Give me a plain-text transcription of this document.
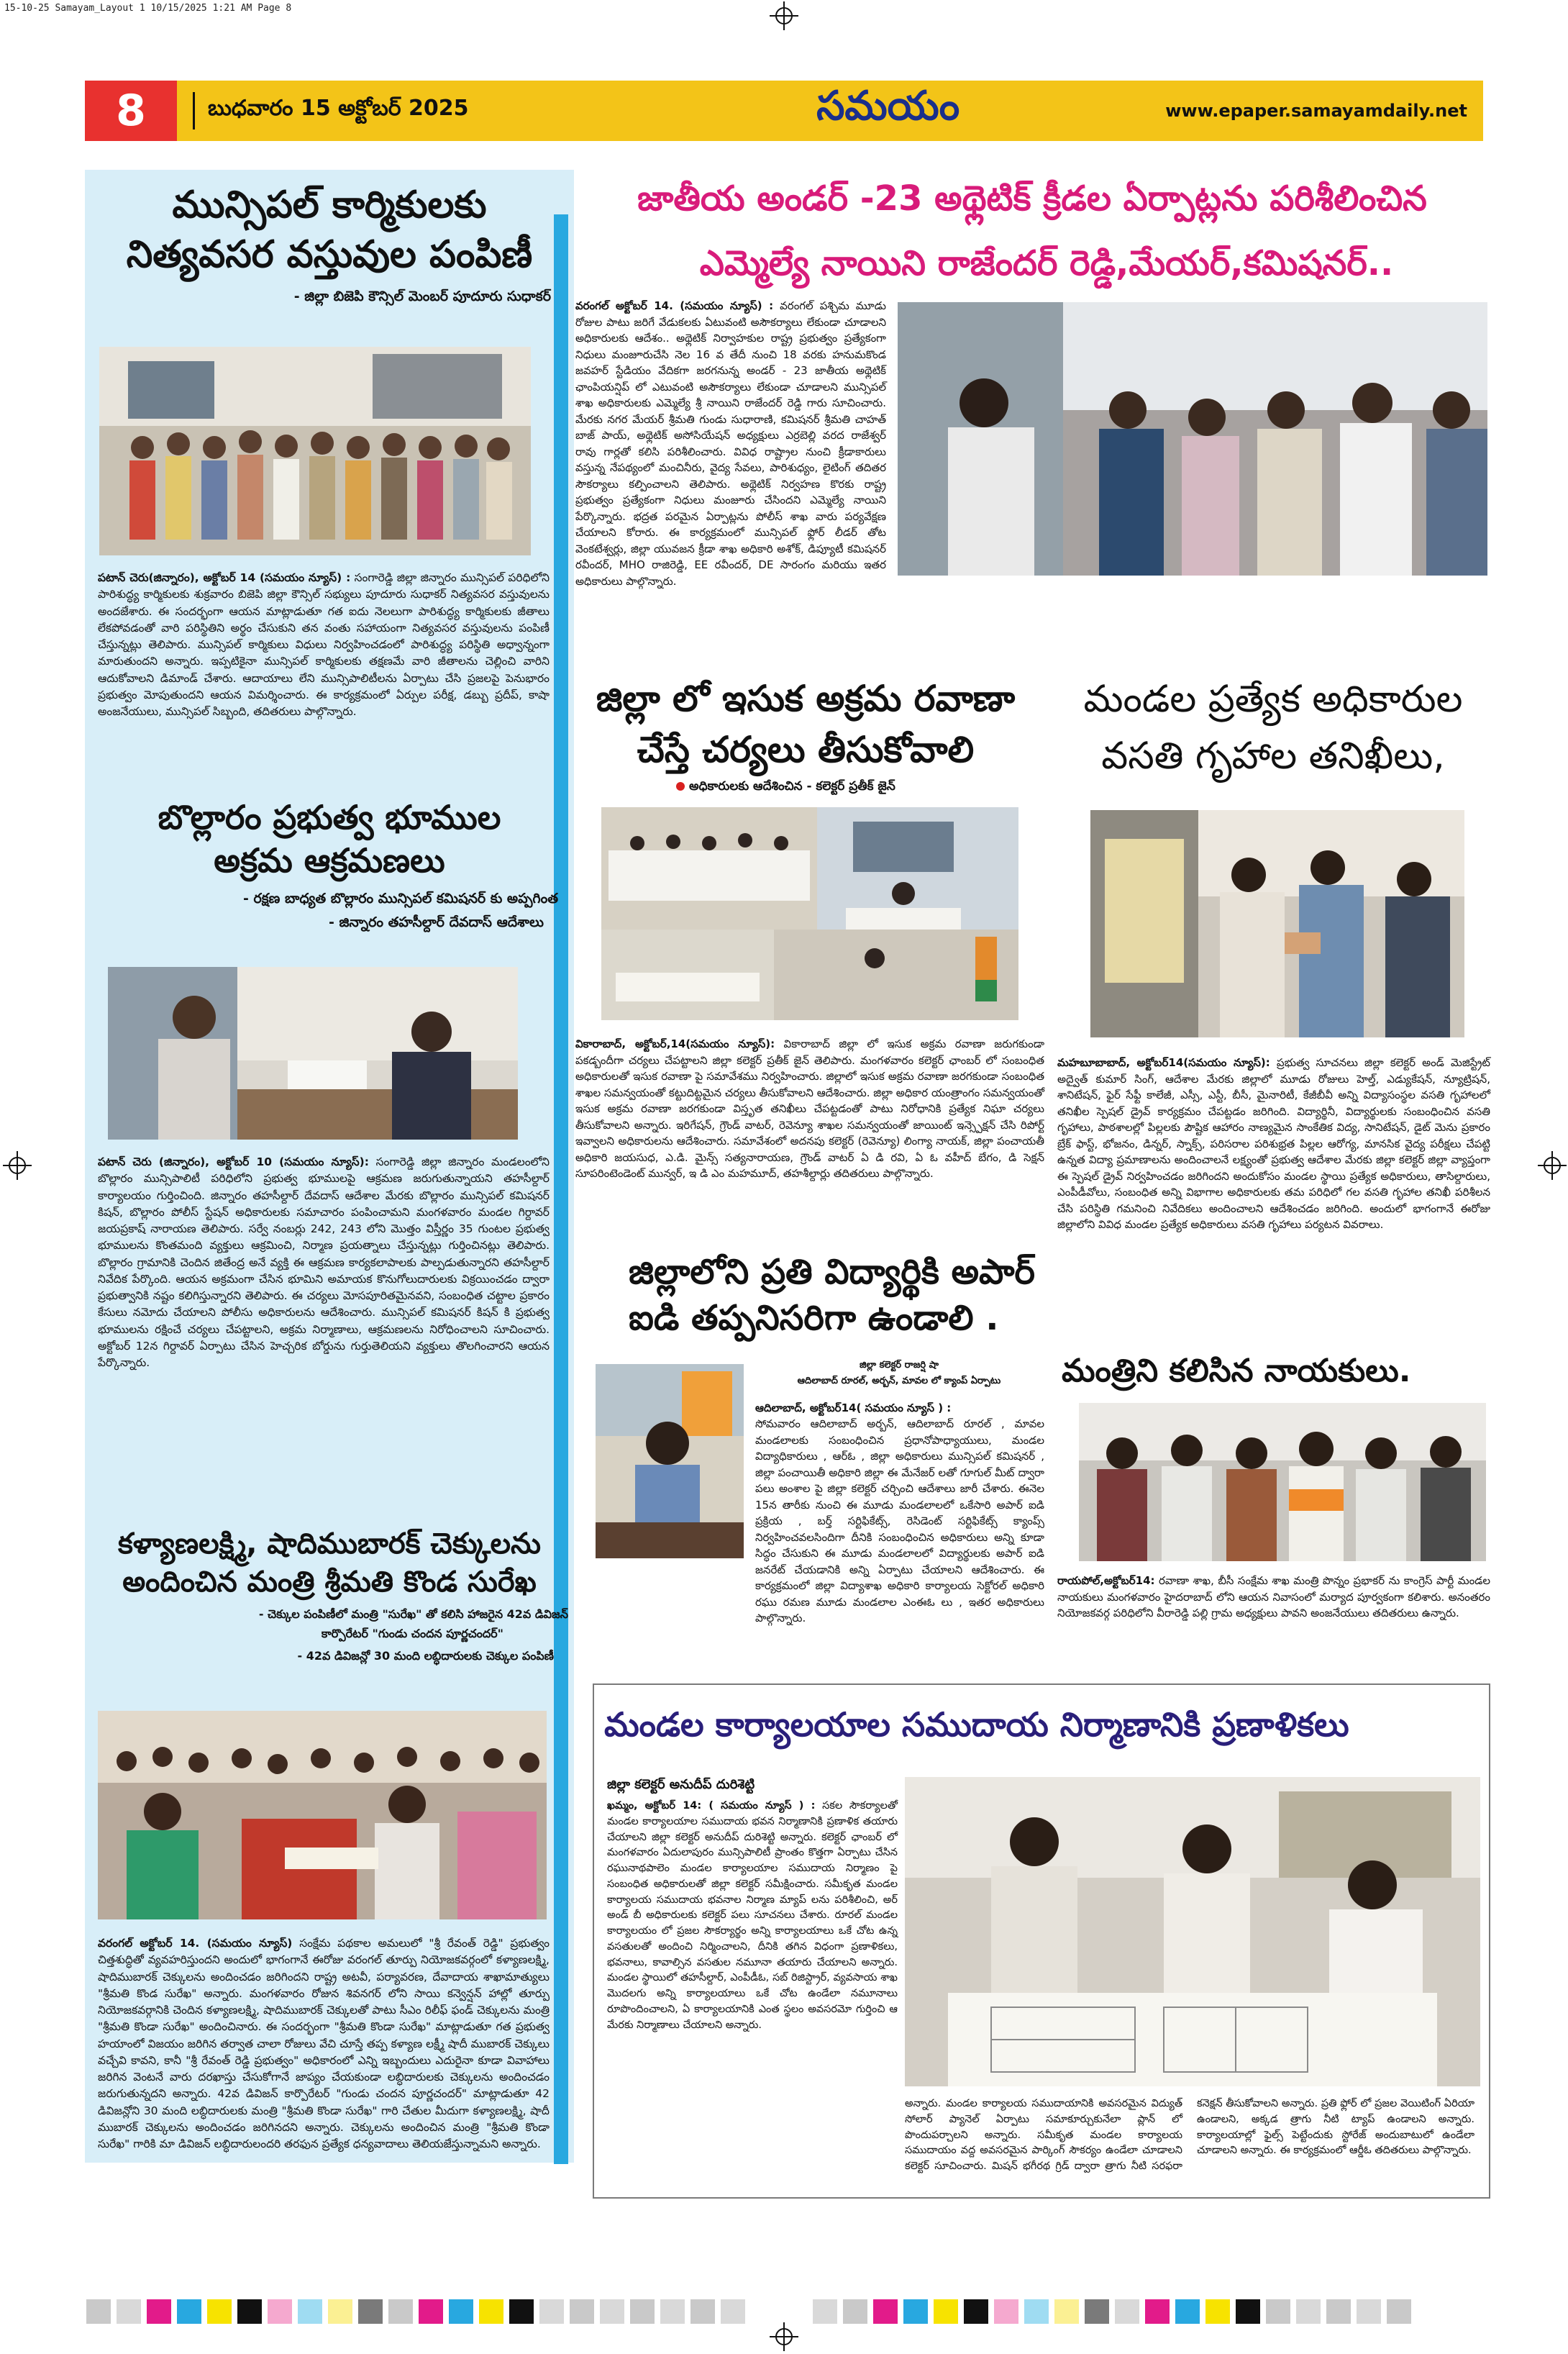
15-10-25 Samayam_Layout 1 10/15/2025 1:21 AM Page 8
8	బుధవారం 15 అక్టోబర్ 2025	సమయం	www.epaper.samayamdaily.net
మున్సిపల్ కార్మికులకు
నిత్యవసర వస్తువుల పంపిణీ
- జిల్లా బిజెపి కౌన్సిల్ మెంబర్ పూదూరు సుధాకర్
పటాన్ చెరు(జిన్నారం), అక్టోబర్ 14 (సమయం న్యూస్) : సంగారెడ్డి జిల్లా జిన్నారం మున్సిపల్ పరిధిలోని పారిశుద్ధ్య కార్మికులకు శుక్రవారం బిజెపి జిల్లా కౌన్సిల్ సభ్యులు పూదూరు సుధాకర్ నిత్యవసర వస్తువులను అందజేశారు. ఈ సందర్భంగా ఆయన మాట్లాడుతూ గత ఐదు నెలలుగా పారిశుద్ధ్య కార్మికులకు జీతాలు లేకపోవడంతో వారి పరిస్థితిని అర్థం చేసుకుని తన వంతు సహాయంగా నిత్యవసర వస్తువులను పంపిణీ చేస్తున్నట్లు తెలిపారు. మున్సిపల్ కార్మికులు విధులు నిర్వహించడంలో పారిశుద్ధ్య పరిస్థితి అధ్వాన్నంగా మారుతుందని అన్నారు. ఇప్పటికైనా మున్సిపల్ కార్మికులకు తక్షణమే వారి జీతాలను చెల్లించి వారిని ఆదుకోవాలని డిమాండ్ చేశారు. ఆదాయాలు లేని మున్సిపాలిటీలను ఏర్పాటు చేసి ప్రజలపై పెనుభారం ప్రభుత్వం మోపుతుందని ఆయన విమర్శించారు. ఈ కార్యక్రమంలో ఏర్పుల పరీక్ష, డబ్బు ప్రదీప్, కాషా అంజనేయులు, మున్సిపల్ సిబ్బంది, తదితరులు పాల్గొన్నారు.
బొల్లారం ప్రభుత్వ భూముల
అక్రమ ఆక్రమణలు
- రక్షణ బాధ్యత బొల్లారం మున్సిపల్ కమిషనర్ కు అప్పగింత
- జిన్నారం తహసీల్దార్ దేవదాస్ ఆదేశాలు
పటాన్ చెరు (జిన్నారం), అక్టోబర్ 10 (సమయం న్యూస్): సంగారెడ్డి జిల్లా జిన్నారం మండలంలోని బొల్లారం మున్సిపాలిటీ పరిధిలోని ప్రభుత్వ భూములపై ఆక్రమణ జరుగుతున్నాయని తహసీల్దార్ కార్యాలయం గుర్తించింది. జిన్నారం తహసీల్దార్ దేవదాస్ ఆదేశాల మేరకు బొల్లారం మున్సిపల్ కమిషనర్ కిషన్, బొల్లారం పోలీస్ స్టేషన్ అధికారులకు సమాచారం పంపించామని మంగళవారం మండల గిర్దావర్ జయప్రకాష్ నారాయణ తెలిపారు. సర్వే నంబర్లు 242, 243 లోని మొత్తం విస్తీర్ణం 35 గుంటల ప్రభుత్వ భూములను కొంతమంది వ్యక్తులు ఆక్రమించి, నిర్మాణ ప్రయత్నాలు చేస్తున్నట్లు గుర్తించినట్లు తెలిపారు. బొల్లారం గ్రామానికి చెందిన జితేంద్ర అనే వ్యక్తి ఈ ఆక్రమణ కార్యకలాపాలకు పాల్పడుతున్నారని తహసీల్దార్ నివేదిక పేర్కొంది. ఆయన అక్రమంగా చేసిన భూమిని అమాయక కొనుగోలుదారులకు విక్రయించడం ద్వారా ప్రభుత్వానికి నష్టం కలిగిస్తున్నారని తెలిపారు. ఈ చర్యలు మోసపూరితమైనవని, సంబంధిత చట్టాల ప్రకారం కేసులు నమోదు చేయాలని పోలీసు అధికారులను ఆదేశించారు. మున్సిపల్ కమిషనర్ కిషన్ కి ప్రభుత్వ భూములను రక్షించే చర్యలు చేపట్టాలని, అక్రమ నిర్మాణాలు, ఆక్రమణలను నిరోధించాలని సూచించారు. అక్టోబర్ 12న గిర్దావర్ ఏర్పాటు చేసిన హెచ్చరిక బోర్డును గుర్తుతెలియని వ్యక్తులు తొలగించారని ఆయన పేర్కొన్నారు.
కళ్యాణలక్ష్మి, షాదిముబారక్ చెక్కులను
అందించిన మంత్రి శ్రీమతి కొండ సురేఖ
- చెక్కుల పంపిణీలో మంత్రి "సురేఖ" తో కలిసి హాజరైన 42వ డివిజన్
కార్పొరేటర్ "గుండు చందన పూర్ణచందర్"
- 42వ డివిజన్లో 30 మంది లబ్ధిదారులకు చెక్కుల పంపిణీ
వరంగల్ అక్టోబర్ 14. (సమయం న్యూస్) సంక్షేమ పథకాల అమలులో "శ్రీ రేవంత్ రెడ్డి" ప్రభుత్వం చిత్తశుద్ధితో వ్యవహరిస్తుందని అందులో భాగంగానే ఈరోజు వరంగల్ తూర్పు నియోజకవర్గంలో కళ్యాణలక్ష్మి, షాదిముబారక్ చెక్కులను అందించడం జరిగిందని రాష్ట్ర అటవీ, పర్యావరణ, దేవాదాయ శాఖామాత్యులు "శ్రీమతి కొండ సురేఖ" అన్నారు. మంగళవారం రోజున శివనగర్ లోని సాయి కన్వెన్షన్ హాల్లో తూర్పు నియోజకవర్గానికి చెందిన కళ్యాణలక్ష్మి, షాదిముబారక్ చెక్కులతో పాటు సీఎం రిలీఫ్ ఫండ్ చెక్కులను మంత్రి "శ్రీమతి కొండా సురేఖ" అందించినారు. ఈ సందర్భంగా "శ్రీమతి కొండా సురేఖ" మాట్లాడుతూ గత ప్రభుత్వ హయాంలో విజయం జరిగిన తర్వాత చాలా రోజులు వేచి చూస్తే తప్ప కళ్యాణ లక్ష్మీ షాదీ ముబారక్ చెక్కులు వచ్చేవి కావని, కానీ "శ్రీ రేవంత్ రెడ్డి ప్రభుత్వం" అధికారంలో ఎన్ని ఇబ్బందులు ఎదురైనా కూడా వివాహాలు జరిగిన వెంటనే వారు దరఖాస్తు చేసుకోగానే జాప్యం చేయకుండా లబ్ధిదారులకు చెక్కులను అందించడం జరుగుతున్నదని అన్నారు. 42వ డివిజన్ కార్పొరేటర్ "గుండు చందన పూర్ణచందర్" మాట్లాడుతూ 42 డివిజన్లోని 30 మంది లబ్ధిదారులకు మంత్రి "శ్రీమతి కొండా సురేఖ" గారి చేతుల మీదుగా కళ్యాణలక్ష్మి, షాదీ ముబారక్ చెక్కులను అందించడం జరిగినదని అన్నారు. చెక్కులను అందించిన మంత్రి "శ్రీమతి కొండా సురేఖ" గారికి మా డివిజన్ లబ్ధిదారులందరి తరఫున ప్రత్యేక ధన్యవాదాలు తెలియజేస్తున్నామని అన్నారు.
జాతీయ అండర్ -23 అథ్లెటిక్ క్రీడల ఏర్పాట్లను పరిశీలించిన
ఎమ్మెల్యే నాయిని రాజేందర్ రెడ్డి,మేయర్,కమిషనర్..
వరంగల్ అక్టోబర్ 14. (సమయం న్యూస్) : వరంగల్ పశ్చిమ మూడు రోజుల పాటు జరిగే వేడుకలకు ఏటువంటి అసౌకర్యాలు లేకుండా చూడాలని అధికారులకు ఆదేశం.. అథ్లెటిక్ నిర్వాహకుల రాష్ట్ర ప్రభుత్వం ప్రత్యేకంగా నిధులు మంజూరుచేసి నెల 16 వ తేదీ నుంచి 18 వరకు హనుమకొండ జవహర్ స్టేడియం వేదికగా జరగనున్న అండర్ - 23 జాతీయ అథ్లెటిక్ ఛాంపియన్షిప్ లో ఎటువంటి అసౌకర్యాలు లేకుండా చూడాలని మున్సిపల్ శాఖ అధికారులకు ఎమ్మెల్యే శ్రీ నాయిని రాజేందర్ రెడ్డి గారు సూచించారు. మేరకు నగర మేయర్ శ్రీమతి గుండు సుధారాణి, కమిషనర్ శ్రీమతి చాహత్ బాజ్ పాయ్, అథ్లెటిక్ అసోసియేషన్ అధ్యక్షులు ఎర్రబెల్లి వరద రాజేశ్వర్ రావు గార్లతో కలిసి పరిశీలించారు. వివిధ రాష్ట్రాల నుంచి క్రీడాకారులు వస్తున్న నేపథ్యంలో మంచినీరు, వైద్య సేవలు, పారిశుధ్యం, లైటింగ్ తదితర సౌకర్యాలు కల్పించాలని తెలిపారు. అథ్లెటిక్ నిర్వహణ కొరకు రాష్ట్ర ప్రభుత్వం ప్రత్యేకంగా నిధులు మంజూరు చేసిందని ఎమ్మెల్యే నాయిని పేర్కొన్నారు. భద్రత పరమైన ఏర్పాట్లను పోలీస్ శాఖ వారు పర్యవేక్షణ చేయాలని కోరారు. ఈ కార్యక్రమంలో మున్సిపల్ ఫ్లోర్ లీడర్ తోట వెంకటేశ్వర్లు, జిల్లా యువజన క్రీడా శాఖ అధికారి అశోక్, డిప్యూటీ కమిషనర్ రవీందర్, MHO రాజిరెడ్డి, EE రవీందర్, DE సారంగం మరియు ఇతర అధికారులు పాల్గొన్నారు.
జిల్లా లో ఇసుక అక్రమ రవాణా
చేస్తే చర్యలు తీసుకోవాలి
అధికారులకు ఆదేశించిన - కలెక్టర్ ప్రతీక్ జైన్
వికారాబాద్, అక్టోబర్,14(సమయం న్యూస్): వికారాబాద్ జిల్లా లో ఇసుక అక్రమ రవాణా జరుగకుండా పకడ్బందీగా చర్యలు చేపట్టాలని జిల్లా కలెక్టర్ ప్రతీక్ జైన్ తెలిపారు. మంగళవారం కలెక్టర్ ఛాంబర్ లో సంబంధిత అధికారులతో ఇసుక రవాణా పై సమావేశము నిర్వహించారు. జిల్లాలో ఇసుక అక్రమ రవాణా జరగకుండా సంబంధిత శాఖల సమన్వయంతో కట్టుదిట్టమైన చర్యలు తీసుకోవాలని ఆదేశించారు. జిల్లా అధికార యంత్రాంగం సమన్వయంతో ఇసుక అక్రమ రవాణా జరగకుండా విస్తృత తనిఖీలు చేపట్టడంతో పాటు నిరోధానికి ప్రత్యేక నిఘా చర్యలు తీసుకోవాలని అన్నారు. ఇరిగేషన్, గ్రౌండ్ వాటర్, రెవెన్యూ శాఖల సమన్వయంతో జాయింట్ ఇన్స్పెక్షన్ చేసి రిపోర్ట్ ఇవ్వాలని అధికారులను ఆదేశించారు. సమావేశంలో అదనపు కలెక్టర్ (రెవెన్యూ) లింగ్యా నాయక్, జిల్లా పంచాయతీ అధికారి జయసుధ, ఎ.డి. మైన్స్ సత్యనారాయణ, గ్రౌండ్ వాటర్ ఏ డి రవి, ఏ ఓ వహీద్ బేగం, డి సెక్షన్ సూపరింటెండెంట్ మున్వర్, ఇ డి ఎం మహమూద్, తహశీల్దార్లు తదితరులు పాల్గొన్నారు.
మండల ప్రత్యేక అధికారుల
వసతి గృహాల తనిఖీలు,
మహబూబాబాద్, అక్టోబర్14(సమయం న్యూస్): ప్రభుత్వ సూచనలు జిల్లా కలెక్టర్ అండ్ మెజిస్ట్రేట్ అద్వైత్ కుమార్ సింగ్, ఆదేశాల మేరకు జిల్లాలో మూడు రోజులు హెల్త్, ఎడ్యుకేషన్, న్యూట్రిషన్, శానిటేషన్, ఫైర్ సేఫ్టీ కాలేజీ, ఎస్సీ, ఎస్టీ, బీసీ, మైనారిటీ, కేజీబీవీ అన్ని విద్యాసంస్థల వసతి గృహాలలో తనిఖీల స్పెషల్ డ్రైవ్ కార్యక్రమం చేపట్టడం జరిగింది. విద్యార్థినీ, విద్యార్థులకు సంబంధించిన వసతి గృహాలు, పాఠశాలల్లో పిల్లలకు పౌష్టిక ఆహారం నాణ్యమైన సాంకేతిక విద్య, సానిటేషన్, డైట్ మెను ప్రకారం బ్రేక్ ఫాస్ట్, భోజనం, డిన్నర్, స్నాక్స్, పరిసరాల పరిశుభ్రత పిల్లల ఆరోగ్య, మానసిక వైద్య పరీక్షలు చేపట్టి ఉన్నత విద్యా ప్రమాణాలను అందించాలనే లక్ష్యంతో ప్రభుత్వ ఆదేశాల మేరకు జిల్లా కలెక్టర్ జిల్లా వ్యాప్తంగా ఈ స్పెషల్ డ్రైవ్ నిర్వహించడం జరిగిందని అందుకోసం మండల స్థాయి ప్రత్యేక అధికారులు, తాసిల్దారులు, ఎంపీడీవోలు, సంబంధిత అన్ని విభాగాల అధికారులకు తమ పరిధిలో గల వసతి గృహాల తనిఖీ పరిశీలన చేసి పరిస్థితి గమనించి నివేదికలు అందించాలని ఆదేశించడం జరిగింది. అందులో భాగంగానే ఈరోజు జిల్లాలోని వివిధ మండల ప్రత్యేక అధికారులు వసతి గృహాలు పర్యటన వివరాలు.
జిల్లాలోని ప్రతి విద్యార్థికి అపార్
ఐడి తప్పనిసరిగా ఉండాలి .
జిల్లా కలెక్టర్ రాజర్షి షా
ఆదిలాబాద్ రూరల్, అర్బన్, మావల లో క్యాంప్ ఏర్పాటు
ఆదిలాబాద్, అక్టోబర్14( సమయం న్యూస్ ) :
సోమవారం ఆదిలాబాద్ అర్బన్, ఆదిలాబాద్ రూరల్ , మావల మండలాలకు సంబంధించిన ప్రధానోపాధ్యాయులు, మండల విద్యాధికారులు , ఆర్ఓ , జిల్లా అధికారులు మున్సిపల్ కమిషనర్ , జిల్లా పంచాయితీ అధికారి జిల్లా ఈ మేనేజర్ లతో గూగుల్ మీట్ ద్వారా పలు అంశాల పై జిల్లా కలెక్టర్ చర్చించి ఆదేశాలు జారీ చేశారు. ఈనెల 15న తారీకు నుంచి ఈ మూడు మండలాలలో ఒకేసారి అపార్ ఐడి ప్రక్రియ , బర్త్ సర్టిఫికేట్స్, రెసిడెంట్ సర్టిఫికేట్స్ క్యాంప్స్ నిర్వహించవలసిందిగా దీనికి సంబంధించిన అధికారులు అన్ని కూడా సిద్ధం చేసుకుని ఈ మూడు మండలాలలో విద్యార్థులకు అపార్ ఐడి జనరేట్ చేయడానికి అన్ని ఏర్పాటు చేయాలని ఆదేశించారు. ఈ కార్యక్రమంలో జిల్లా విద్యాశాఖ అధికారి కార్యాలయ సెక్టోరల్ అధికారి రఘు రమణ మూడు మండలాల ఎంఈఓ లు , ఇతర అధికారులు పాల్గొన్నారు.
మంత్రిని కలిసిన నాయకులు.
రాయపోల్,అక్టోబర్14: రవాణా శాఖ, బీసీ సంక్షేమ శాఖ మంత్రి పొన్నం ప్రభాకర్ ను కాంగ్రెస్ పార్టీ మండల నాయకులు మంగళవారం హైదరాబాద్ లోని ఆయన నివాసంలో మర్యాద పూర్వకంగా కలిశారు. అనంతరం నియోజకవర్గ పరిధిలోని వీరారెడ్డి పల్లి గ్రామ అధ్యక్షులు పావని అంజనేయులు తదితరులు ఉన్నారు.
మండల కార్యాలయాల సముదాయ నిర్మాణానికి ప్రణాళికలు
జిల్లా కలెక్టర్ అనుదీప్ దురిశెట్టి
ఖమ్మం, అక్టోబర్ 14: ( సమయం న్యూస్ ) : సకల సౌకర్యాలతో మండల కార్యాలయాల సముదాయ భవన నిర్మాణానికి ప్రణాళిక తయారు చేయాలని జిల్లా కలెక్టర్ అనుదీప్ దురిశెట్టి అన్నారు. కలెక్టర్ ఛాంబర్ లో మంగళవారం ఏదులాపురం మున్సిపాలిటీ ప్రాంతం కొత్తగా ఏర్పాటు చేసిన రఘునాథపాలెం మండల కార్యాలయాల సముదాయ నిర్మాణం పై సంబంధిత అధికారులతో జిల్లా కలెక్టర్ సమీక్షించారు. సమీకృత మండల కార్యాలయ సముదాయ భవనాల నిర్మాణ మ్యాప్ లను పరిశీలించి, అర్ అండ్ బీ అధికారులకు కలెక్టర్ పలు సూచనలు చేశారు. రూరల్ మండల కార్యాలయం లో ప్రజల సౌకర్యార్థం అన్ని కార్యాలయాలు ఒకే చోట ఉన్న వసతులతో అందించి నిర్మించాలని, దీనికి తగిన విధంగా ప్రణాళికలు, భవనాలు, కావాల్సిన వసతుల నమూనా తయారు చేయాలని అన్నారు. మండల స్థాయిలో తహసీల్దార్, ఎంపీడీఓ, సబ్ రిజిస్ట్రార్, వ్యవసాయ శాఖ మొదలగు అన్ని కార్యాలయాలు ఒకే చోట ఉండేలా నమూనాలు రూపొందించాలని, ఏ కార్యాలయానికి ఎంత స్థలం అవసరమో గుర్తించి ఆ మేరకు నిర్మాణాలు చేయాలని అన్నారు.
అన్నారు. మండల కార్యాలయ సముదాయానికి అవసరమైన విద్యుత్ సోలార్ ప్యానెల్ ఏర్పాటు సమాకూర్చుకునేలా ప్లాన్ లో పొందుపర్చాలని అన్నారు. సమీకృత మండల కార్యాలయ సముదాయం వద్ద అవసరమైన పార్కింగ్ సౌకర్యం ఉండేలా చూడాలని కలెక్టర్ సూచించారు. మిషన్ భగీరథ గ్రిడ్ ద్వారా త్రాగు నీటి సరఫరా కనెక్షన్ తీసుకోవాలని అన్నారు. ప్రతి ఫ్లోర్ లో ప్రజల వెయిటింగ్ ఏరియా ఉండాలని, అక్కడ త్రాగు నీటి ట్యాప్ ఉండాలని అన్నారు. కార్యాలయాల్లో ఫైల్స్ పెట్టేందుకు స్టోరేజ్ అందుబాటులో ఉండేలా చూడాలని అన్నారు. ఈ కార్యక్రమంలో ఆర్డీఓ తదితరులు పాల్గొన్నారు.
